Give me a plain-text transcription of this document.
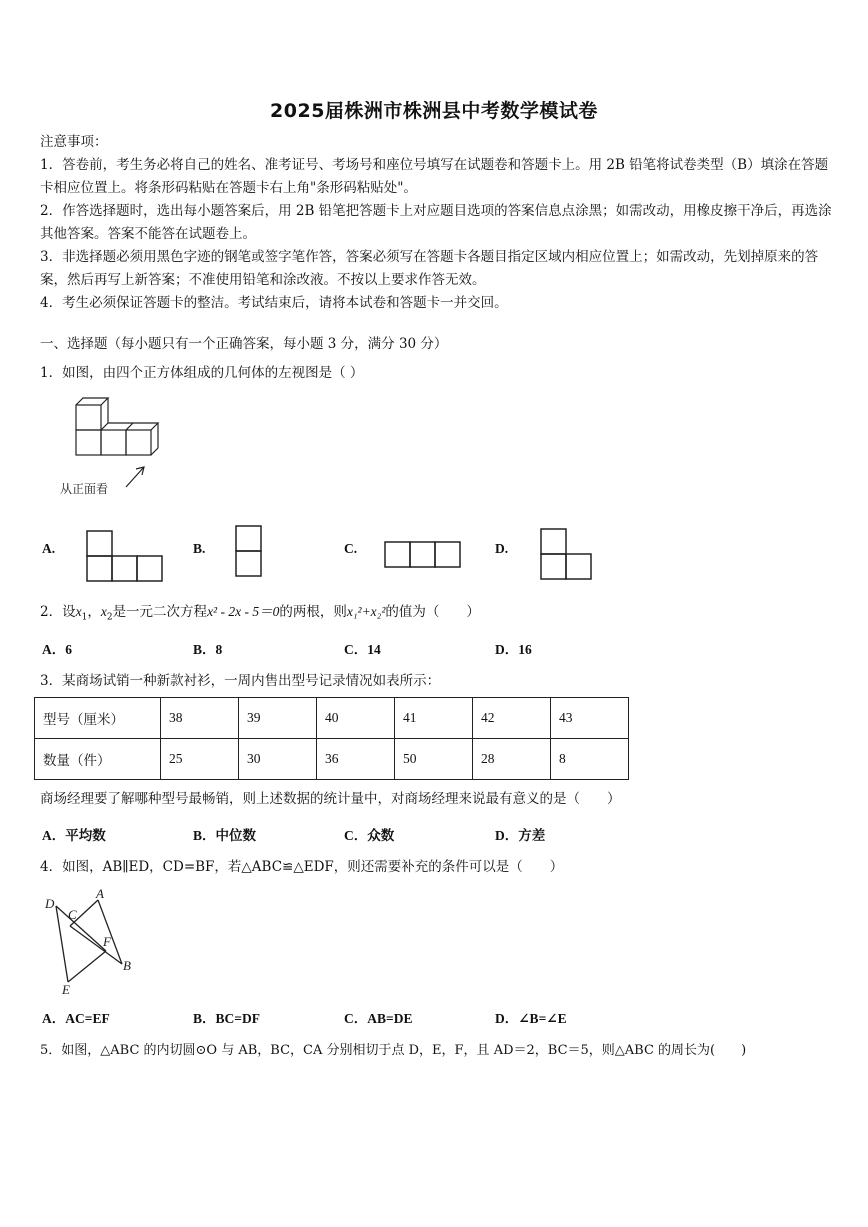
2025届株洲市株洲县中考数学模试卷
注意事项：
1．答卷前，考生务必将自己的姓名、准考证号、考场号和座位号填写在试题卷和答题卡上。用 2B 铅笔将试卷类型（B）填涂在答题卡相应位置上。将条形码粘贴在答题卡右上角"条形码粘贴处"。
2．作答选择题时，选出每小题答案后，用 2B 铅笔把答题卡上对应题目选项的答案信息点涂黑；如需改动，用橡皮擦干净后，再选涂其他答案。答案不能答在试题卷上。
3．非选择题必须用黑色字迹的钢笔或签字笔作答，答案必须写在答题卡各题目指定区域内相应位置上；如需改动，先划掉原来的答案，然后再写上新答案；不准使用铅笔和涂改液。不按以上要求作答无效。
4．考生必须保证答题卡的整洁。考试结束后，请将本试卷和答题卡一并交回。
一、选择题（每小题只有一个正确答案，每小题 3 分，满分 30 分）
1．如图，由四个正方体组成的几何体的左视图是（ ）
从正面看
A.	B.	C.	D.
2．设$x_1$，$x_2$是一元二次方程x² - 2x - 5＝0的两根，则x₁²+x₂²的值为（　　）
A．6	B．8	C．14	D．16
3．某商场试销一种新款衬衫，一周内售出型号记录情况如表所示：
型号（厘米）	38	39	40	41	42	43
数量（件）	25	30	36	50	28	8
商场经理要了解哪种型号最畅销，则上述数据的统计量中，对商场经理来说最有意义的是（　　）
A．平均数	B．中位数	C．众数	D．方差
4．如图，AB∥ED，CD=BF，若△ABC≌△EDF，则还需要补充的条件可以是（　　）
D
C
A
F
B
E
A．AC=EF	B．BC=DF	C．AB=DE	D．∠B=∠E
5．如图，△ABC 的内切圆⊙O 与 AB，BC，CA 分别相切于点 D，E，F，且 AD＝2，BC＝5，则△ABC 的周长为(　　)
